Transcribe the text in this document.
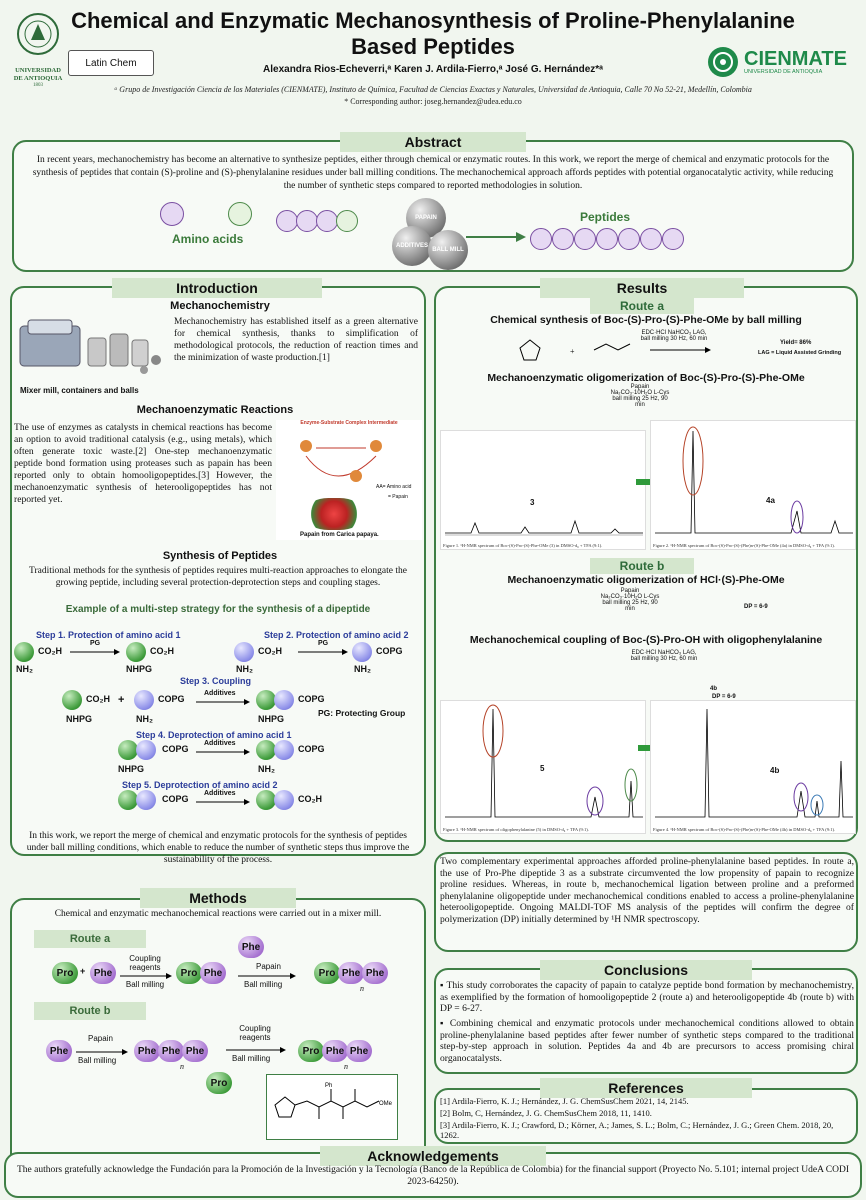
UNIVERSIDAD DE ANTIOQUIA
1803
Latin Chem
Chemical and Enzymatic Mechanosynthesis of Proline-Phenylalanine Based Peptides
Alexandra Rios-Echeverri,ᵃ Karen J. Ardila-Fierro,ᵃ José G. Hernández*ᵃ
ᵃ Grupo de Investigación Ciencia de los Materiales (CIENMATE), Instituto de Química, Facultad de Ciencias Exactas y Naturales, Universidad de Antioquia, Calle 70 No 52-21, Medellín, Colombia
* Corresponding author: joseg.hernandez@udea.edu.co
CIENMATE
UNIVERSIDAD DE ANTIOQUIA
Abstract
In recent years, mechanochemistry has become an alternative to synthesize peptides, either through chemical or enzymatic routes. In this work, we report the merge of chemical and enzymatic protocols for the synthesis of peptides that contain (S)-proline and (S)-phenylalanine residues under ball milling conditions. The mechanochemical approach affords peptides with potential organocatalytic activity, while reducing the number of synthetic steps compared to reported methodologies in solution.
Amino acids
PAPAIN
ADDITIVES
BALL MILL
Peptides
Introduction
Mechanochemistry
Mechanochemistry has established itself as a green alternative for chemical synthesis, thanks to simplification of methodological protocols, the reduction of reaction times and the minimization of waste production.[1]
Mixer mill, containers and balls
Mechanoenzymatic Reactions
The use of enzymes as catalysts in chemical reactions has become an option to avoid traditional catalysis (e.g., using metals), which often generate toxic waste.[2] One-step mechanoenzymatic peptide bond formation using proteases such as papain has been reported only to obtain homooligopeptides.[3] However, the mechanoenzymatic synthesis of heterooligopeptides has not reported yet.
Enzyme-Substrate Complex Intermediate
AA= Amino acid
= Papain
Papain from Carica papaya.
Synthesis of Peptides
Traditional methods for the synthesis of peptides requires multi-reaction approaches to elongate the growing peptide, including several protection-deprotection steps and coupling stages.
Example of a multi-step strategy for the synthesis of a dipeptide
Step 1. Protection of amino acid 1	Step 2. Protection of amino acid 2
CO₂H
NH₂
PG
CO₂H
NHPG
CO₂H
NH₂
PG
COPG
NH₂
Step 3. Coupling
CO₂H
NHPG
+	COPG
NH₂
Additives
COPG
NHPG
PG: Protecting Group
Step 4. Deprotection of amino acid 1
COPG
NHPG
Additives
COPG
NH₂
Step 5. Deprotection of amino acid 2
COPG
Additives
CO₂H
In this work, we report the merge of chemical and enzymatic protocols for the synthesis of peptides under ball milling conditions, which enable to reduce the number of synthetic steps thus improve the sustainability of the process.
Methods
Chemical and enzymatic mechanochemical reactions were carried out in a mixer mill.
Route a
Pro + Phe
Coupling reagents
Ball milling
Pro Phe
Phe
Papain
Ball milling
Pro Phe Phe
n
Route b
Phe
Papain
Ball milling
Phe Phe Phe
n
Coupling reagents
Ball milling
Pro
Pro Phe Phe
n
Ph
OMe
Results
Route a
Chemical synthesis of Boc-(S)-Pro-(S)-Phe-OMe by ball milling
+
EDC·HCl NaHCO₃ LAG, ball milling 30 Hz, 60 min
Yield= 86%
LAG = Liquid Assisted Grinding
Mechanoenzymatic oligomerization of Boc-(S)-Pro-(S)-Phe-OMe
Papain Na₂CO₃·10H₂O L-Cys ball milling 25 Hz, 90 min
Figure 1. ¹H-NMR spectrum of Boc-(S)-Pro-(S)-Phe-OMe (3) in DMSO-d₆ + TFA (9:1).
3
Figure 2. ¹H-NMR spectrum of Boc-(S)-Pro-(S)-(Phe)n-(S)-Phe-OMe (4a) in DMSO-d₆ + TFA (9:1).
4a
Route b
Mechanoenzymatic oligomerization of HCl·(S)-Phe-OMe
Papain Na₂CO₃·10H₂O L-Cys ball milling 25 Hz, 90 min	DP = 6-9
Mechanochemical coupling of Boc-(S)-Pro-OH with oligophenylalanine
EDC·HCl NaHCO₃ LAG, ball milling 30 Hz, 60 min
4b
DP = 6-9
Figure 3. ¹H-NMR spectrum of oligophenylalanine (5) in DMSO-d₆ + TFA (9:1).
5
Figure 4. ¹H-NMR spectrum of Boc-(S)-Pro-(S)-(Phe)n-(S)-Phe-OMe (4b) in DMSO-d₆ + TFA (9:1).
4b
Two complementary experimental approaches afforded proline-phenylalanine based peptides. In route a, the use of Pro-Phe dipeptide 3 as a substrate circumvented the low propensity of papain to recognize proline residues. Whereas, in route b, mechanochemical ligation between proline and a preformed phenylalanine oligopeptide under mechanochemical conditions enabled to access a proline-phenylalanine heterooligopeptide. Ongoing MALDI-TOF MS analysis of the peptides will confirm the degree of polymerization (DP) initially determined by ¹H NMR spectroscopy.
Conclusions
▪ This study corroborates the capacity of papain to catalyze peptide bond formation by mechanochemistry, as exemplified by the formation of homooligopeptide 2 (route a) and heterooligopeptide 4b (route b) with DP = 6-27.
▪ Combining chemical and enzymatic protocols under mechanochemical conditions allowed to obtain proline-phenylalanine based peptides after fewer number of synthetic steps compared to the traditional step-by-step approach in solution. Peptides 4a and 4b are precursors to access promising chiral organocatalysts.
References
[1] Ardila-Fierro, K. J.; Hernández, J. G. ChemSusChem 2021, 14, 2145.
[2] Bolm, C, Hernández, J. G. ChemSusChem 2018, 11, 1410.
[3] Ardila-Fierro, K. J.; Crawford, D.; Körner, A.; James, S. L.; Bolm, C.; Hernández, J. G.; Green Chem. 2018, 20, 1262.
Acknowledgements
The authors gratefully acknowledge the Fundación para la Promoción de la Investigación y la Tecnología (Banco de la República de Colombia) for the financial support (Proyecto No. 5.101; internal project UdeA CODI 2023-64250).
